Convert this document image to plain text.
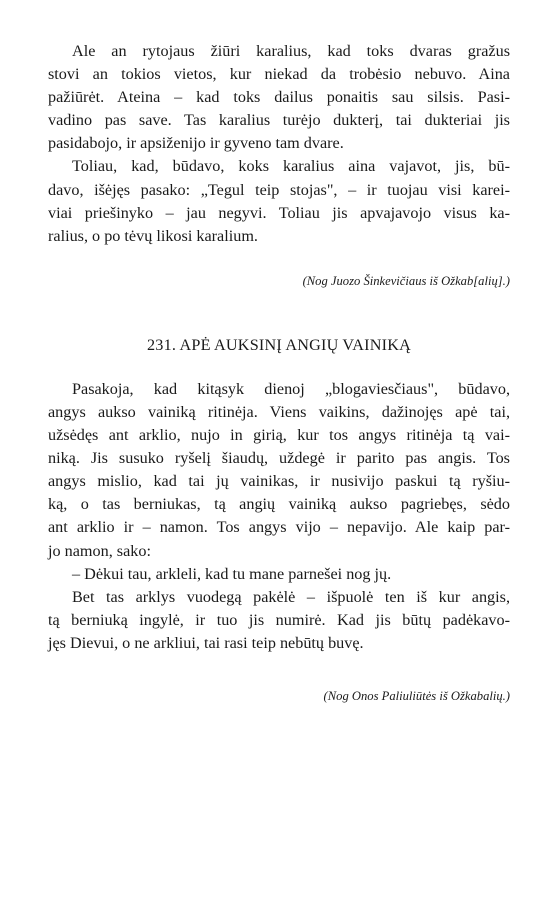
Ale an rytojaus žiūri karalius, kad toks dvaras gražus
stovi an tokios vietos, kur niekad da trobėsio nebuvo. Aina
pažiūrėt. Ateina – kad toks dailus ponaitis sau silsis. Pasi-
vadino pas save. Tas karalius turėjo dukterį, tai dukteriai jis
pasidabojo, ir apsiženijo ir gyveno tam dvare.
Toliau, kad, būdavo, koks karalius aina vajavot, jis, bū-
davo, išėjęs pasako: „Tegul teip stojas", – ir tuojau visi karei-
viai priešinyko – jau negyvi. Toliau jis apvajavojo visus ka-
ralius, o po tėvų likosi karalium.
(Nog Juozo Šinkevičiaus iš Ožkab[alių].)
231. APĖ AUKSINĮ ANGIŲ VAINIKĄ
Pasakoja, kad kitąsyk dienoj „blogaviesčiaus", būdavo,
angys aukso vainiką ritinėja. Viens vaikins, dažinojęs apė tai,
užsėdęs ant arklio, nujo in girią, kur tos angys ritinėja tą vai-
niką. Jis susuko ryšelį šiaudų, uždegė ir parito pas angis. Tos
angys mislio, kad tai jų vainikas, ir nusivijo paskui tą ryšiu-
ką, o tas berniukas, tą angių vainiką aukso pagriebęs, sėdo
ant arklio ir – namon. Tos angys vijo – nepavijo. Ale kaip par-
jo namon, sako:
– Dėkui tau, arkleli, kad tu mane parnešei nog jų.
Bet tas arklys vuodegą pakėlė – išpuolė ten iš kur angis,
tą berniuką ingylė, ir tuo jis numirė. Kad jis būtų padėkavo-
jęs Dievui, o ne arkliui, tai rasi teip nebūtų buvę.
(Nog Onos Paliuliūtės iš Ožkabalių.)
